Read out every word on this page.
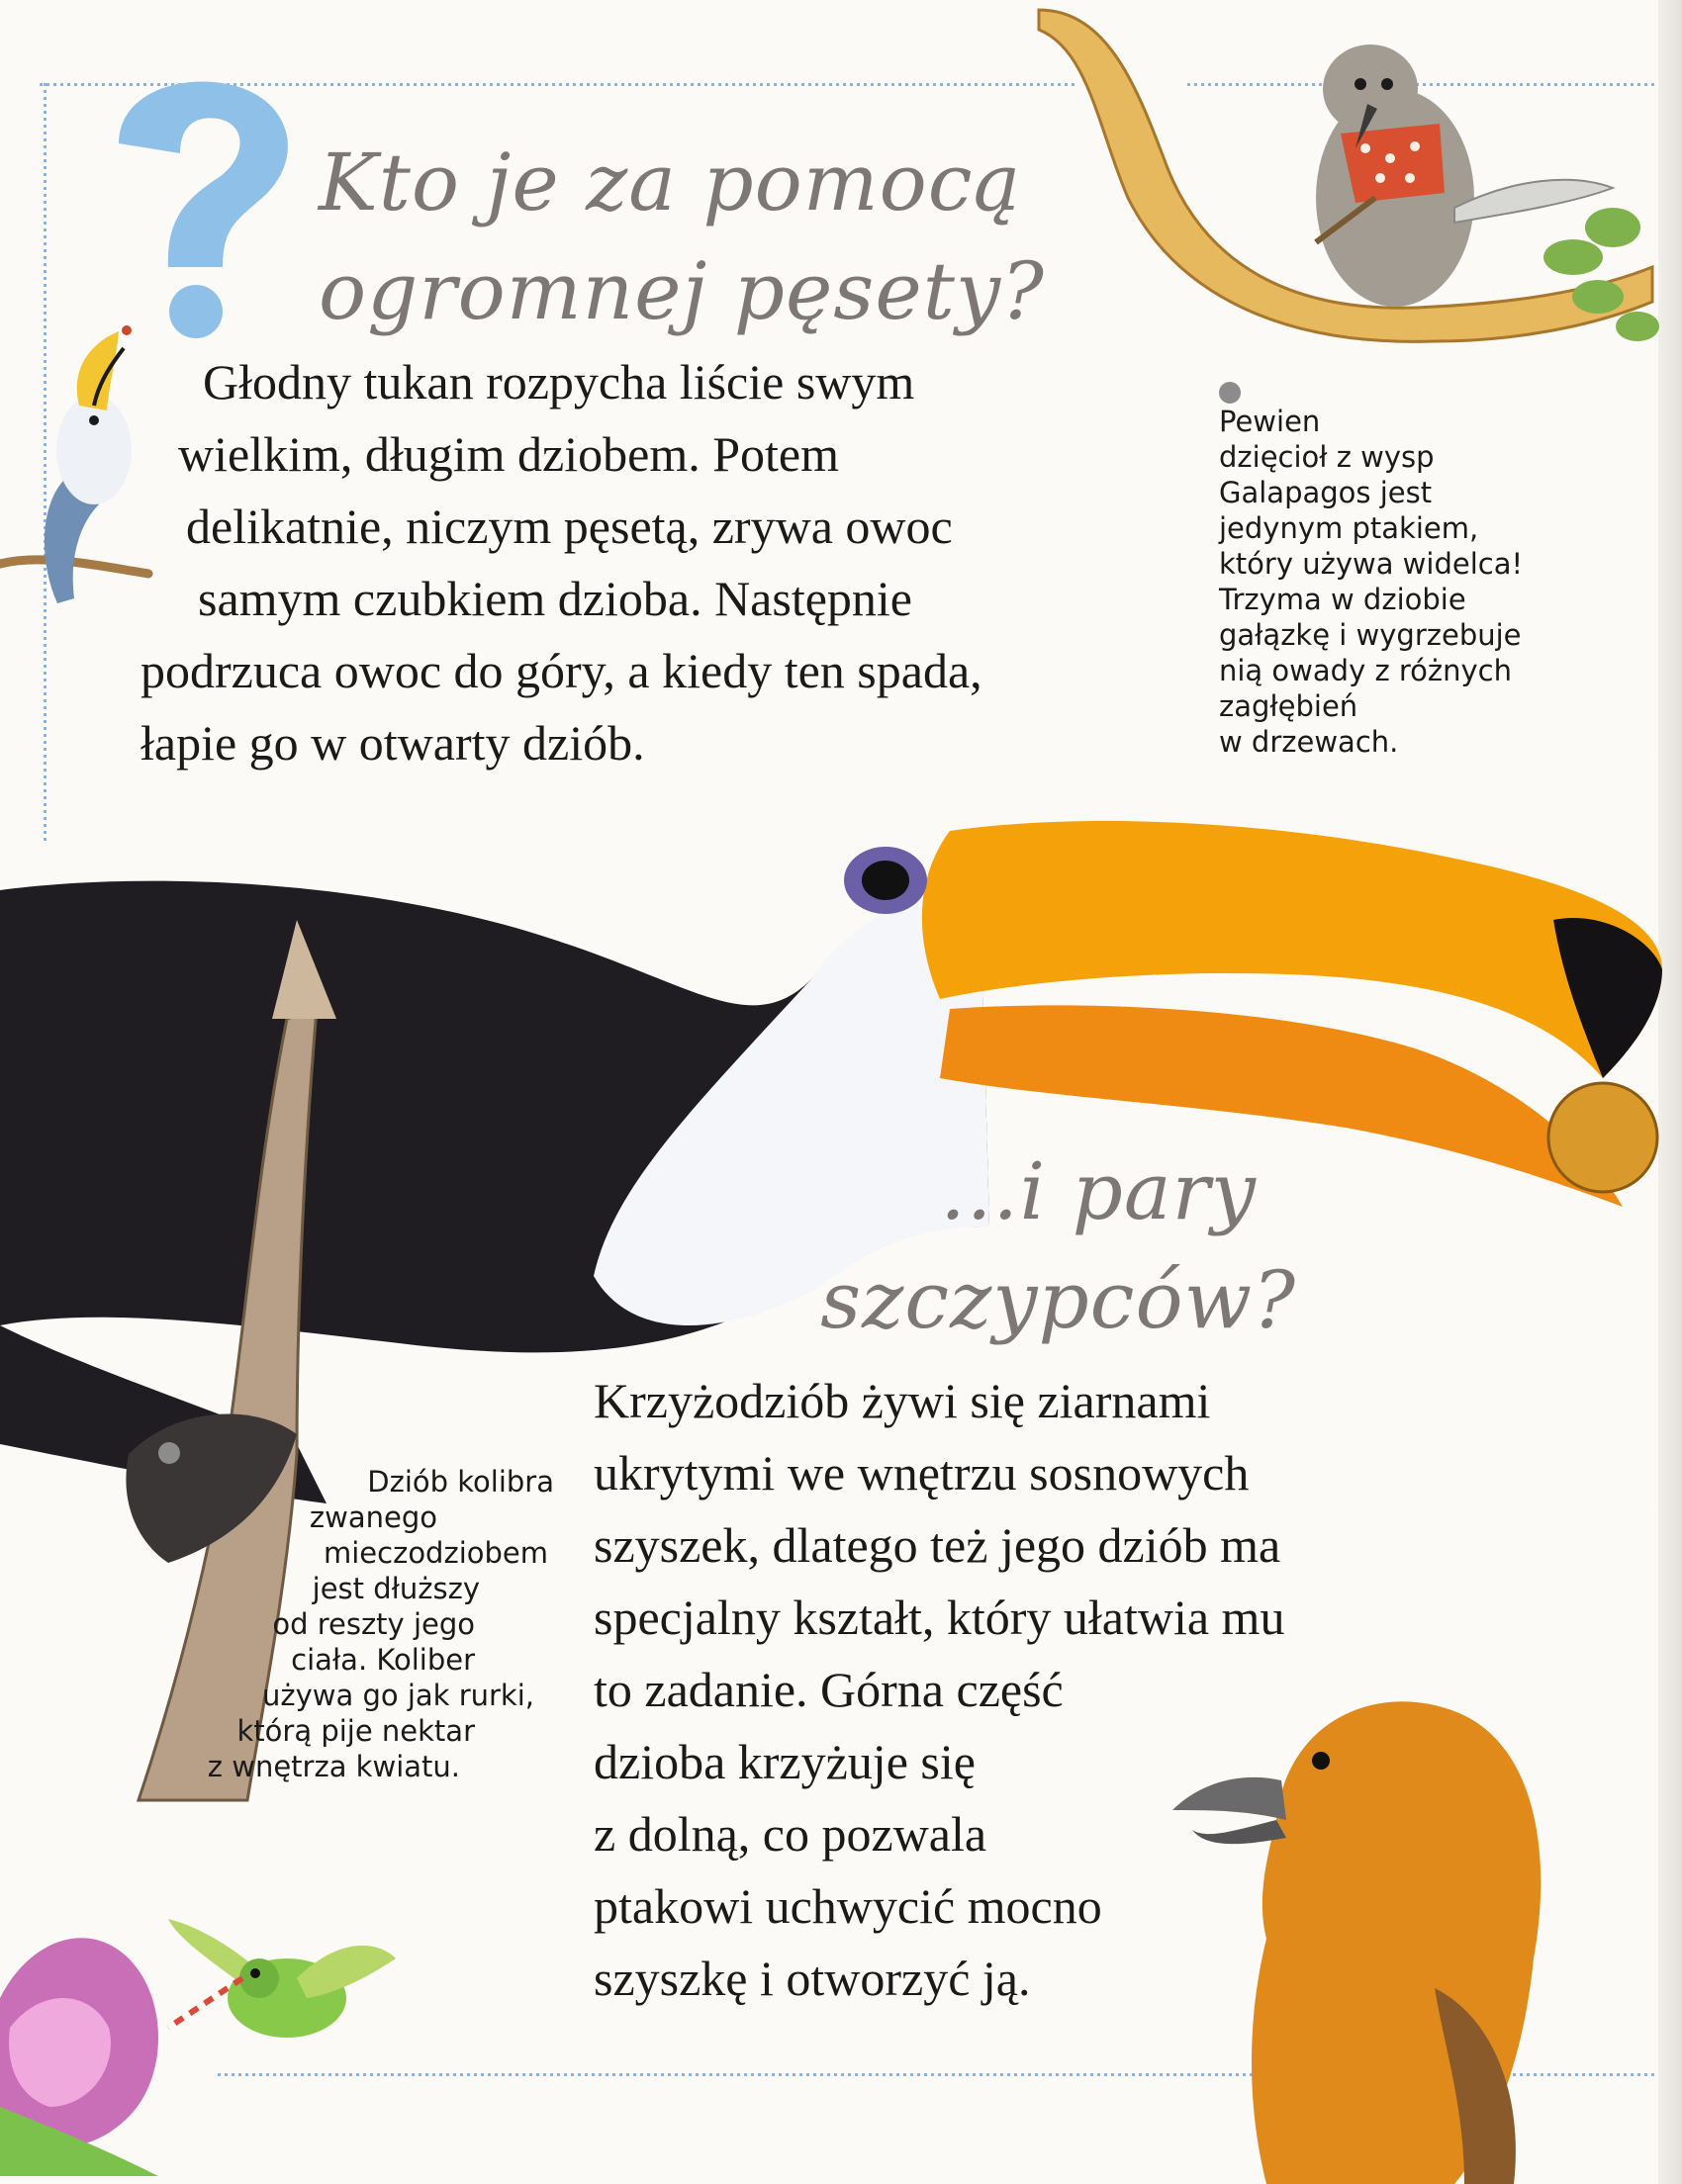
Kto je za pomocą
ogromnej pęsety?

Głodny tukan rozpycha liście swym
wielkim, długim dziobem. Potem
delikatnie, niczym pęsetą, zrywa owoc
samym czubkiem dzioba. Następnie
podrzuca owoc do góry, a kiedy ten spada,
łapie go w otwarty dziób.

Pewien
dzięcioł z wysp
Galapagos jest
jedynym ptakiem,
który używa widelca!
Trzyma w dziobie
gałązkę i wygrzebuje
nią owady z różnych
zagłębień
w drzewach.

…i pary
szczypców?

Krzyżodziób żywi się ziarnami
ukrytymi we wnętrzu sosnowych
szyszek, dlatego też jego dziób ma
specjalny kształt, który ułatwia mu
to zadanie. Górna część
dzioba krzyżuje się
z dolną, co pozwala
ptakowi uchwycić mocno
szyszkę i otworzyć ją.

Dziób kolibra
zwanego
mieczodziobem
jest dłuższy
od reszty jego
ciała. Koliber
używa go jak rurki,
którą pije nektar
z wnętrza kwiatu.
